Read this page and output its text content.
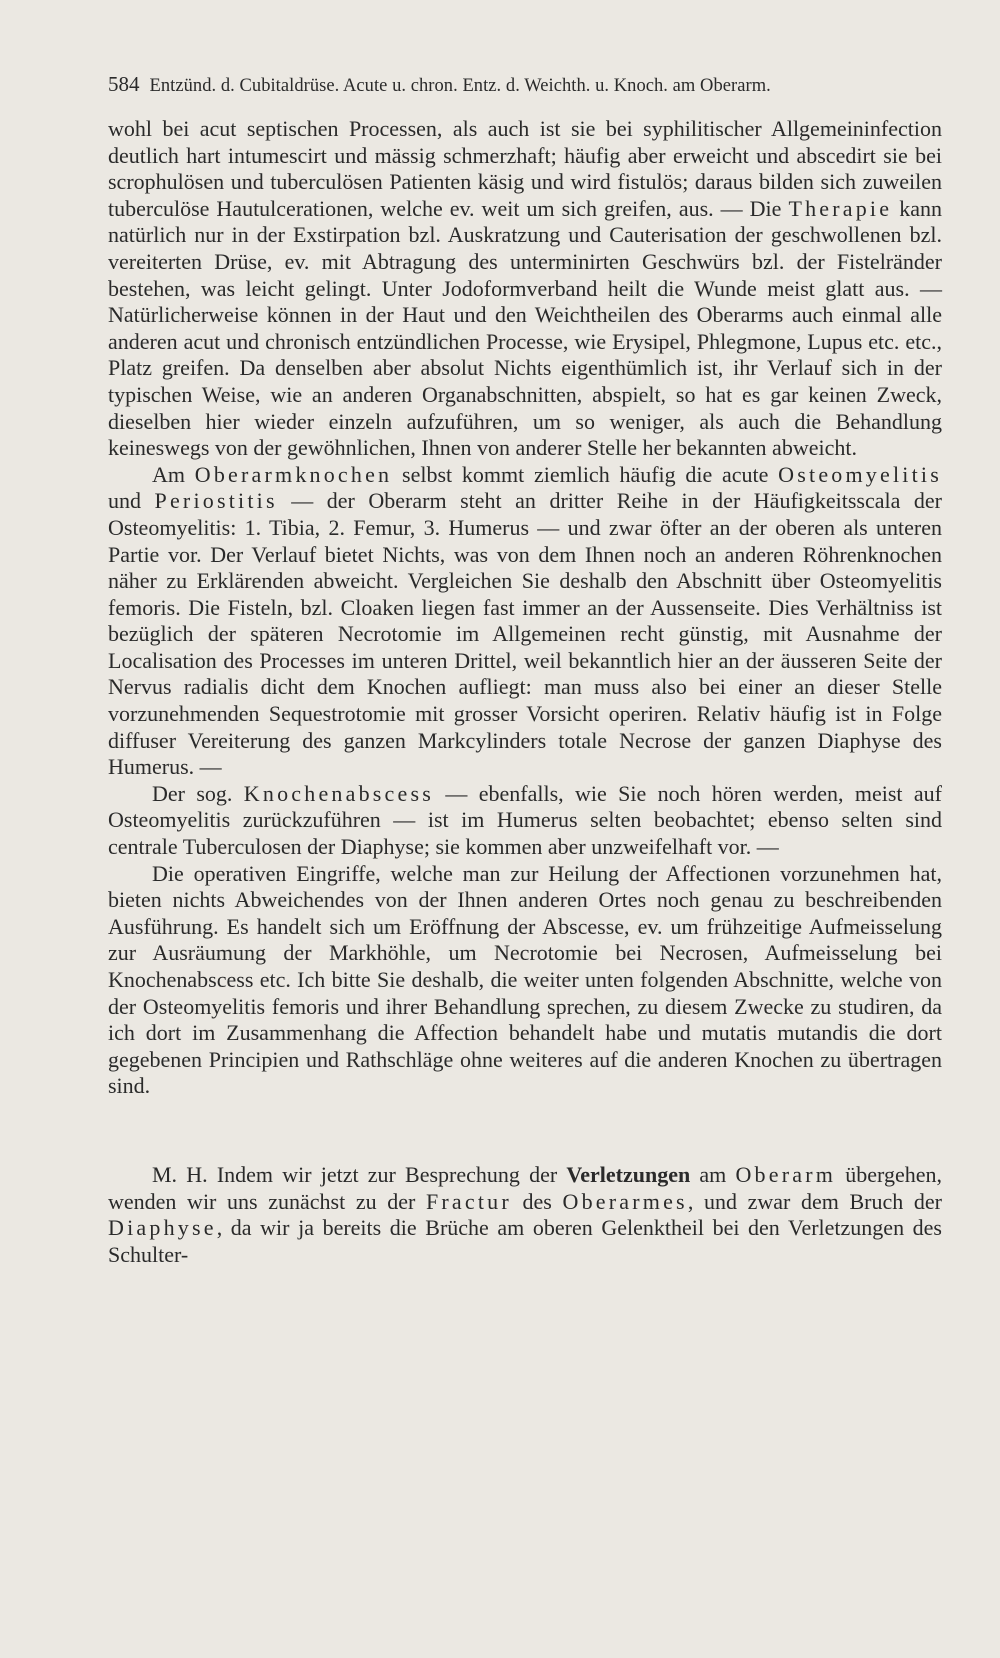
584 Entzünd. d. Cubitaldrüse. Acute u. chron. Entz. d. Weichth. u. Knoch. am Oberarm.

wohl bei acut septischen Processen, als auch ist sie bei syphilitischer Allgemeininfection deutlich hart intumescirt und mässig schmerzhaft; häufig aber erweicht und abscedirt sie bei scrophulösen und tuberculösen Patienten käsig und wird fistulös; daraus bilden sich zuweilen tuberculöse Hautulcerationen, welche ev. weit um sich greifen, aus. — Die Therapie kann natürlich nur in der Exstirpation bzl. Auskratzung und Cauterisation der geschwollenen bzl. vereiterten Drüse, ev. mit Abtragung des unterminirten Geschwürs bzl. der Fistelränder bestehen, was leicht gelingt. Unter Jodoformverband heilt die Wunde meist glatt aus. — Natürlicherweise können in der Haut und den Weichtheilen des Oberarms auch einmal alle anderen acut und chronisch entzündlichen Processe, wie Erysipel, Phlegmone, Lupus etc. etc., Platz greifen. Da denselben aber absolut Nichts eigenthümlich ist, ihr Verlauf sich in der typischen Weise, wie an anderen Organabschnitten, abspielt, so hat es gar keinen Zweck, dieselben hier wieder einzeln aufzuführen, um so weniger, als auch die Behandlung keineswegs von der gewöhnlichen, Ihnen von anderer Stelle her bekannten abweicht.

Am Oberarmknochen selbst kommt ziemlich häufig die acute Osteomyelitis und Periostitis — der Oberarm steht an dritter Reihe in der Häufigkeitsscala der Osteomyelitis: 1. Tibia, 2. Femur, 3. Humerus — und zwar öfter an der oberen als unteren Partie vor. Der Verlauf bietet Nichts, was von dem Ihnen noch an anderen Röhrenknochen näher zu Erklärenden abweicht. Vergleichen Sie deshalb den Abschnitt über Osteomyelitis femoris. Die Fisteln, bzl. Cloaken liegen fast immer an der Aussenseite. Dies Verhältniss ist bezüglich der späteren Necrotomie im Allgemeinen recht günstig, mit Ausnahme der Localisation des Processes im unteren Drittel, weil bekanntlich hier an der äusseren Seite der Nervus radialis dicht dem Knochen aufliegt: man muss also bei einer an dieser Stelle vorzunehmenden Sequestrotomie mit grosser Vorsicht operiren. Relativ häufig ist in Folge diffuser Vereiterung des ganzen Markcylinders totale Necrose der ganzen Diaphyse des Humerus. —

Der sog. Knochenabscess — ebenfalls, wie Sie noch hören werden, meist auf Osteomyelitis zurückzuführen — ist im Humerus selten beobachtet; ebenso selten sind centrale Tuberculosen der Diaphyse; sie kommen aber unzweifelhaft vor. —

Die operativen Eingriffe, welche man zur Heilung der Affectionen vorzunehmen hat, bieten nichts Abweichendes von der Ihnen anderen Ortes noch genau zu beschreibenden Ausführung. Es handelt sich um Eröffnung der Abscesse, ev. um frühzeitige Aufmeisselung zur Ausräumung der Markhöhle, um Necrotomie bei Necrosen, Aufmeisselung bei Knochenabscess etc. Ich bitte Sie deshalb, die weiter unten folgenden Abschnitte, welche von der Osteomyelitis femoris und ihrer Behandlung sprechen, zu diesem Zwecke zu studiren, da ich dort im Zusammenhang die Affection behandelt habe und mutatis mutandis die dort gegebenen Principien und Rathschläge ohne weiteres auf die anderen Knochen zu übertragen sind.

M. H. Indem wir jetzt zur Besprechung der Verletzungen am Oberarm übergehen, wenden wir uns zunächst zu der Fractur des Oberarmes, und zwar dem Bruch der Diaphyse, da wir ja bereits die Brüche am oberen Gelenktheil bei den Verletzungen des Schulter-
